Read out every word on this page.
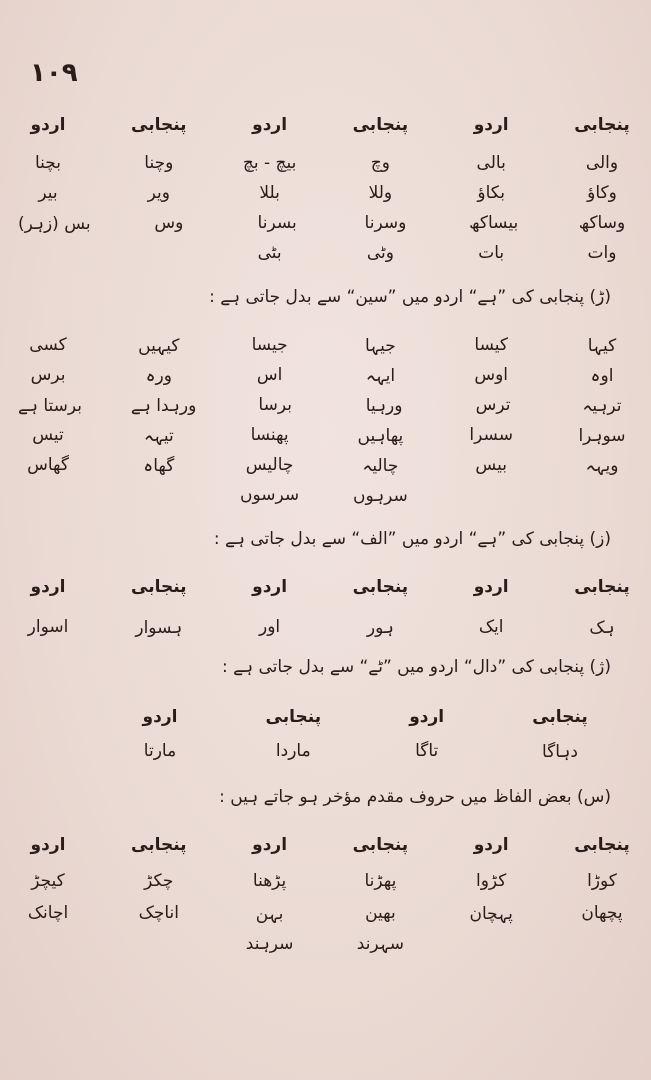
١٠٩
پنجابی
اردو
پنجابی
اردو
پنجابی
اردو
والی
بالی
وچ
بیچ - بچ
وچنا
بچنا
وکاؤ
بکاؤ
وللا
بللا
ویر
بیر
وساکھ
بیساکھ
وسرنا
بسرنا
وس
بس (زہر)
وات
بات
وٹی
بٹی
(ڑ) پنجابی کی ”ہے“ اردو میں ”سین“ سے بدل جاتی ہے :
کیہا
کیسا
جیہا
جیسا
کیہیں
کسی
اوہ
اوس
ایہہ
اس
ورہ
برس
ترہیہ
ترس
ورہیا
برسا
ورہدا ہے
برستا ہے
سوہرا
سسرا
پھاہیں
پھنسا
تیہہ
تیس
ویہہ
بیس
چالیہ
چالیس
گھاہ
گھاس
سرہوں
سرسوں
(ز) پنجابی کی ”ہے“ اردو میں ”الف“ سے بدل جاتی ہے :
پنجابی
اردو
پنجابی
اردو
پنجابی
اردو
ہک
ایک
ہور
اور
ہسوار
اسوار
(ژ) پنجابی کی ”دال“ اردو میں ”ٹے“ سے بدل جاتی ہے :
پنجابی
اردو
پنجابی
اردو
دہاگا
تاگا
ماردا
مارتا
(س) بعض الفاظ میں حروف مقدم مؤخر ہو جاتے ہیں :
پنجابی
اردو
پنجابی
اردو
پنجابی
اردو
کوڑا
کڑوا
پھڑنا
پڑھنا
چکڑ
کیچڑ
پچھان
پہچان
بھین
بہن
اناچک
اچانک
سہرند
سرہند
